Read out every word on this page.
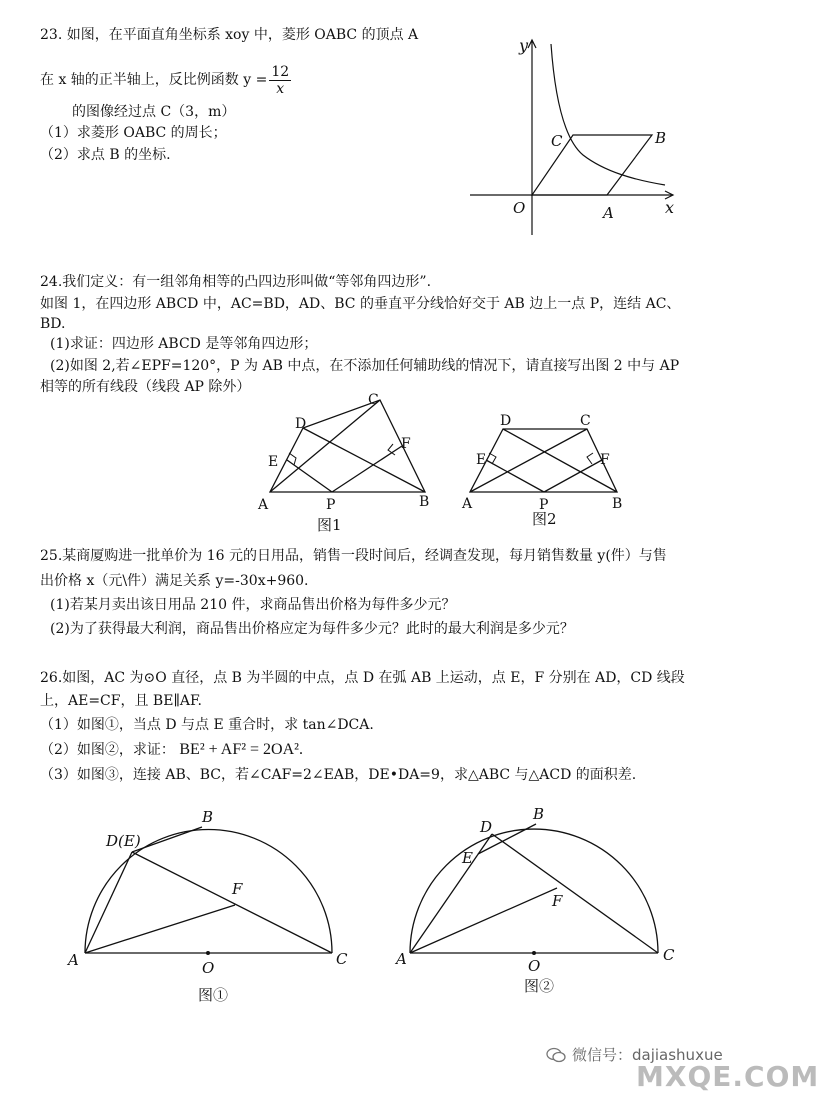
23. 如图，在平面直角坐标系 xoy 中，菱形 OABC 的顶点 A
在 x 轴的正半轴上，反比例函数 $y = \frac{12}{x}$
的图像经过点 C（3，m）
（1）求菱形 OABC 的周长；
（2）求点 B 的坐标.
y
x
O	A
B
C
24.我们定义：有一组邻角相等的凸四边形叫做“等邻角四边形”.
如图 1，在四边形 ABCD 中，AC=BD，AD、BC 的垂直平分线恰好交于 AB 边上一点 P，连结 AC、
BD.
(1)求证：四边形 ABCD 是等邻角四边形；
(2)如图 2,若∠EPF=120°，P 为 AB 中点，在不添加任何辅助线的情况下，请直接写出图 2 中与 AP
相等的所有线段（线段 AP 除外）
A	B
C
D
E
F
P
图1
A	B
C
D
E	F
P
图2
25.某商厦购进一批单价为 16 元的日用品，销售一段时间后，经调查发现，每月销售数量 y(件）与售
出价格 x（元\件）满足关系 y=-30x+960.
(1)若某月卖出该日用品 210 件，求商品售出价格为每件多少元？
(2)为了获得最大利润，商品售出价格应定为每件多少元？此时的最大利润是多少元？
26.如图，AC 为⊙O 直径，点 B 为半圆的中点，点 D 在弧 AB 上运动，点 E，F 分别在 AD，CD 线段
上，AE=CF，且 BE∥AF.
（1）如图①，当点 D 与点 E 重合时，求 tan∠DCA.
（2）如图②，求证： BE² + AF² = 2OA².
（3）如图③，连接 AB、BC，若∠CAF=2∠EAB，DE•DA=9，求△ABC 与△ACD 的面积差.
A	C
B
D(E)
F
O
图①
A	C
B
D
E
F
O
图②
微信号：dajiashuxue
MXQE.COM
